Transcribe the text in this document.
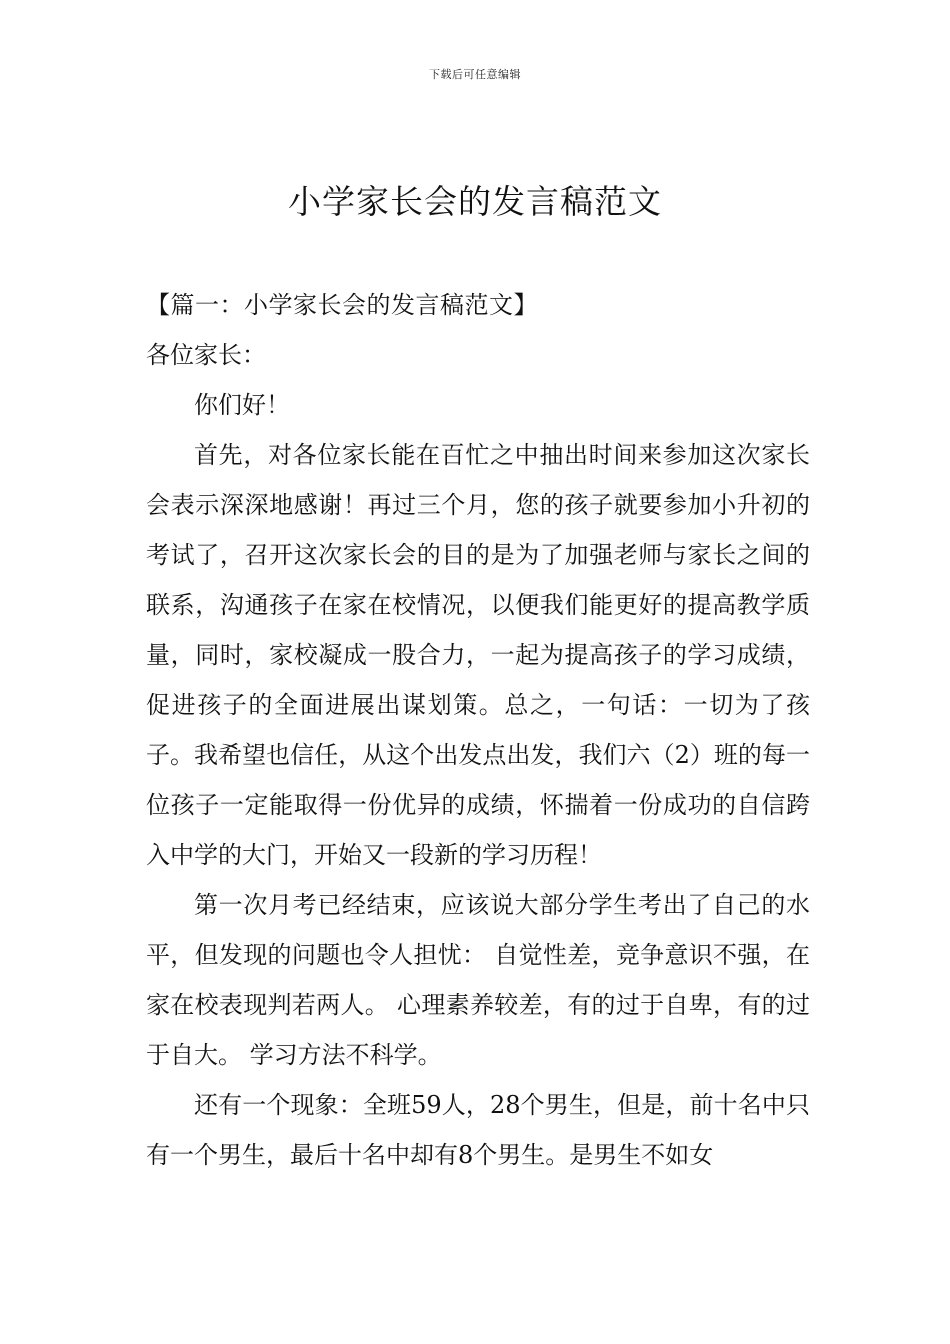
下载后可任意编辑
小学家长会的发言稿范文

【篇一：小学家长会的发言稿范文】

各位家长：

你们好！

首先，对各位家长能在百忙之中抽出时间来参加这次家长会表示深深地感谢！再过三个月，您的孩子就要参加小升初的考试了，召开这次家长会的目的是为了加强老师与家长之间的联系，沟通孩子在家在校情况，以便我们能更好的提高教学质量，同时，家校凝成一股合力，一起为提高孩子的学习成绩，促进孩子的全面进展出谋划策。总之，一句话：一切为了孩子。我希望也信任，从这个出发点出发，我们六（2）班的每一位孩子一定能取得一份优异的成绩，怀揣着一份成功的自信跨入中学的大门，开始又一段新的学习历程！

第一次月考已经结束，应该说大部分学生考出了自己的水平，但发现的问题也令人担忧： 自觉性差，竞争意识不强，在家在校表现判若两人。 心理素养较差，有的过于自卑，有的过于自大。 学习方法不科学。

还有一个现象：全班59人，28个男生，但是，前十名中只有一个男生，最后十名中却有8个男生。是男生不如女
